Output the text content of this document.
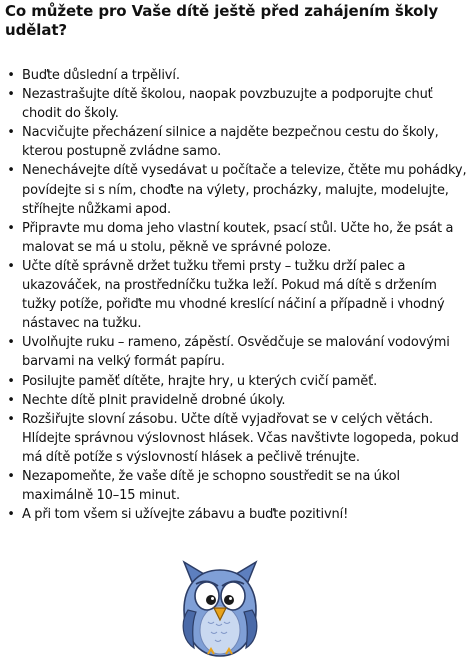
Co můžete pro Vaše dítě ještě před zahájením školy udělat?
• Buďte důslední a trpěliví.
• Nezastrašujte dítě školou, naopak povzbuzujte a podporujte chuť chodit do školy.
• Nacvičujte přecházení silnice a najděte bezpečnou cestu do školy, kterou postupně zvládne samo.
• Nenechávejte dítě vysedávat u počítače a televize, čtěte mu pohádky, povídejte si s ním, choďte na výlety, procházky, malujte, modelujte, stříhejte nůžkami apod.
• Připravte mu doma jeho vlastní koutek, psací stůl. Učte ho, že psát a malovat se má u stolu, pěkně ve správné poloze.
• Učte dítě správně držet tužku třemi prsty – tužku drží palec a ukazováček, na prostředníčku tužka leží. Pokud má dítě s držením tužky potíže, pořiďte mu vhodné kreslící náčiní a případně i vhodný nástavec na tužku.
• Uvolňujte ruku – rameno, zápěstí. Osvědčuje se malování vodovými barvami na velký formát papíru.
• Posilujte paměť dítěte, hrajte hry, u kterých cvičí paměť.
• Nechte dítě plnit pravidelně drobné úkoly.
• Rozšiřujte slovní zásobu. Učte dítě vyjadřovat se v celých větách. Hlídejte správnou výslovnost hlásek. Včas navštivte logopeda, pokud má dítě potíže s výslovností hlásek a pečlivě trénujte.
• Nezapomeňte, že vaše dítě je schopno soustředit se na úkol maximálně 10–15 minut.
• A při tom všem si užívejte zábavu a buďte pozitivní!
